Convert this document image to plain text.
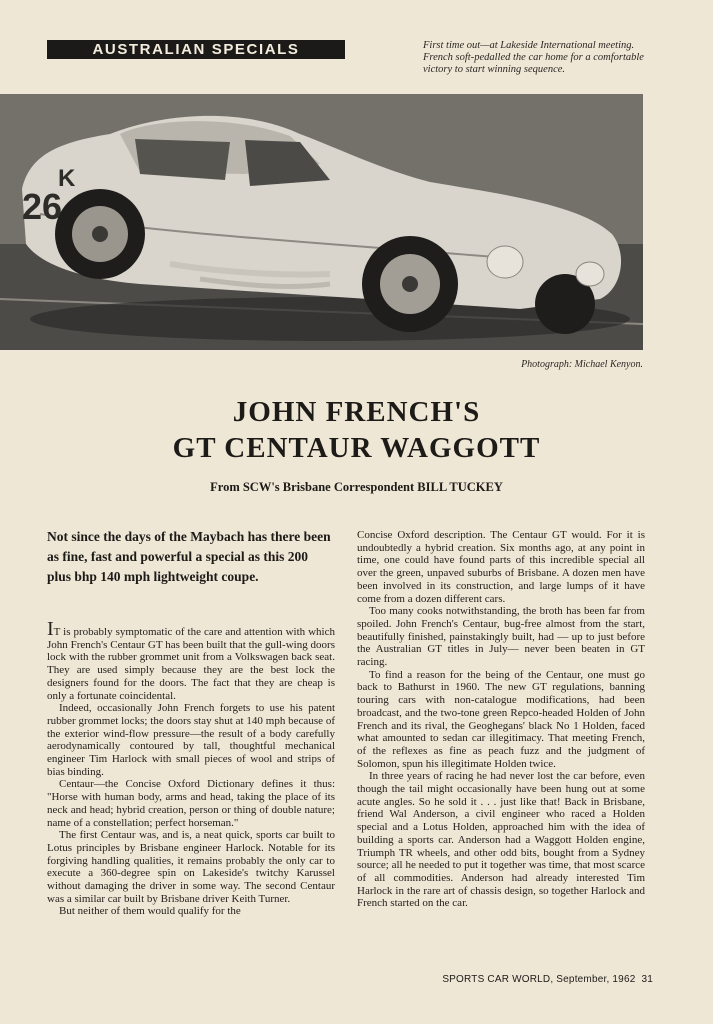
AUSTRALIAN SPECIALS	First time out—at Lakeside International meeting. French soft-pedalled the car home for a comfortable victory to start winning sequence.
26
K
Photograph: Michael Kenyon.
JOHN FRENCH'S
GT CENTAUR WAGGOTT
From SCW's Brisbane Correspondent BILL TUCKEY
Not since the days of the Maybach has there been as fine, fast and powerful a special as this 200 plus bhp 140 mph lightweight coupe.

IT is probably symptomatic of the care and attention with which John French's Centaur GT has been built that the gull-wing doors lock with the rubber grommet unit from a Volkswagen back seat. They are used simply because they are the best lock the designers found for the doors. The fact that they are cheap is only a fortunate coincidental.

Indeed, occasionally John French forgets to use his patent rubber grommet locks; the doors stay shut at 140 mph because of the exterior wind-flow pressure—the result of a body carefully aerodynamically contoured by tall, thoughtful mechanical engineer Tim Harlock with small pieces of wool and strips of bias binding.

Centaur—the Concise Oxford Dictionary defines it thus: "Horse with human body, arms and head, taking the place of its neck and head; hybrid creation, person or thing of double nature; name of a constellation; perfect horseman."

The first Centaur was, and is, a neat quick, sports car built to Lotus principles by Brisbane engineer Harlock. Notable for its forgiving handling qualities, it remains probably the only car to execute a 360-degree spin on Lakeside's twitchy Karussel without damaging the driver in some way. The second Centaur was a similar car built by Brisbane driver Keith Turner.

But neither of them would qualify for the

Concise Oxford description. The Centaur GT would. For it is undoubtedly a hybrid creation. Six months ago, at any point in time, one could have found parts of this incredible special all over the green, unpaved suburbs of Brisbane. A dozen men have been involved in its construction, and large lumps of it have come from a dozen different cars.

Too many cooks notwithstanding, the broth has been far from spoiled. John French's Centaur, bug-free almost from the start, beautifully finished, painstakingly built, had — up to just before the Australian GT titles in July— never been beaten in GT racing.

To find a reason for the being of the Centaur, one must go back to Bathurst in 1960. The new GT regulations, banning touring cars with non-catalogue modifications, had been broadcast, and the two-tone green Repco-headed Holden of John French and its rival, the Geoghegans' black No 1 Holden, faced what amounted to sedan car illegitimacy. That meeting French, of the reflexes as fine as peach fuzz and the judgment of Solomon, spun his illegitimate Holden twice.

In three years of racing he had never lost the car before, even though the tail might occasionally have been hung out at some acute angles. So he sold it . . . just like that! Back in Brisbane, friend Wal Anderson, a civil engineer who raced a Holden special and a Lotus Holden, approached him with the idea of building a sports car. Anderson had a Waggott Holden engine, Triumph TR wheels, and other odd bits, bought from a Sydney source; all he needed to put it together was time, that most scarce of all commodities. Anderson had already interested Tim Harlock in the rare art of chassis design, so together Harlock and French started on the car.

SPORTS CAR WORLD, September, 1962 31
